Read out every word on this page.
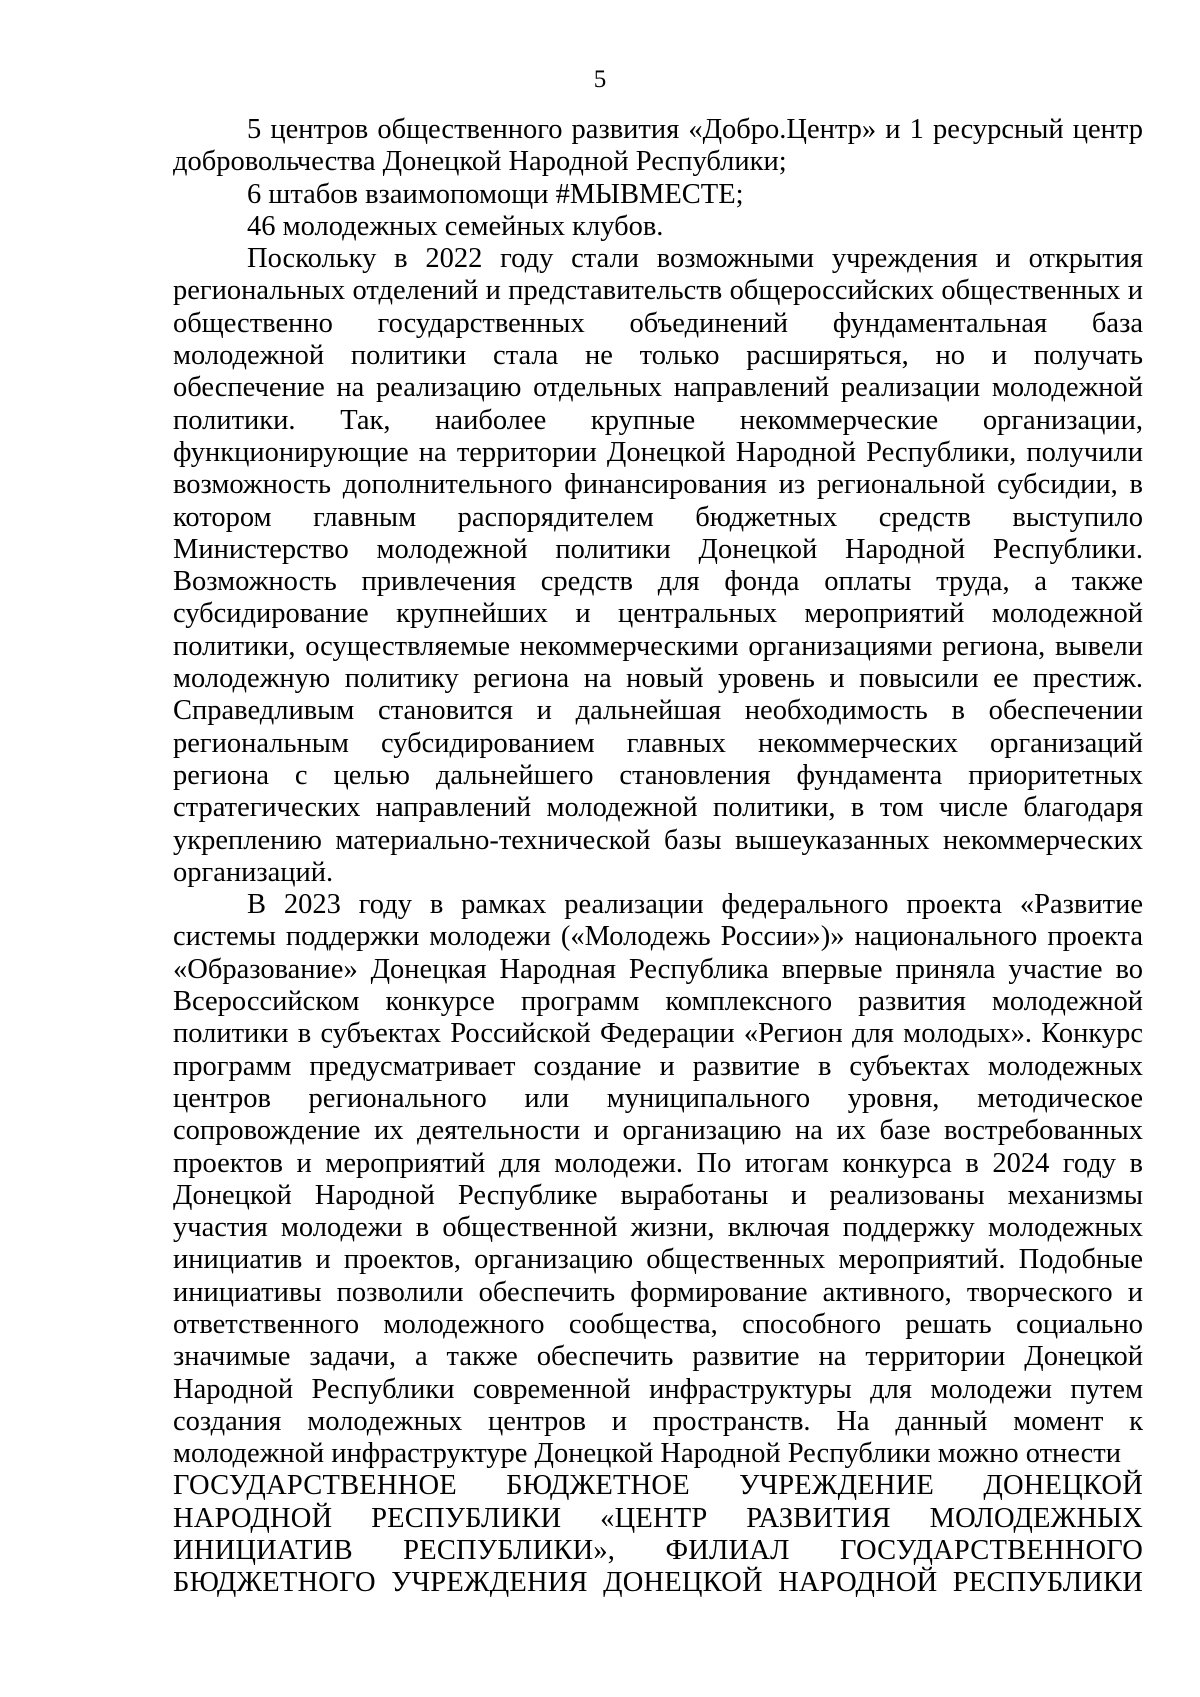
5

5 центров общественного развития «Добро.Центр» и 1 ресурсный центр добровольчества Донецкой Народной Республики;

6 штабов взаимопомощи #МЫВМЕСТЕ;

46 молодежных семейных клубов.

Поскольку в 2022 году стали возможными учреждения и открытия региональных отделений и представительств общероссийских общественных и общественно государственных объединений фундаментальная база молодежной политики стала не только расширяться, но и получать обеспечение на реализацию отдельных направлений реализации молодежной политики. Так, наиболее крупные некоммерческие организации, функционирующие на территории Донецкой Народной Республики, получили возможность дополнительного финансирования из региональной субсидии, в котором главным распорядителем бюджетных средств выступило Министерство молодежной политики Донецкой Народной Республики. Возможность привлечения средств для фонда оплаты труда, а также субсидирование крупнейших и центральных мероприятий молодежной политики, осуществляемые некоммерческими организациями региона, вывели молодежную политику региона на новый уровень и повысили ее престиж. Справедливым становится и дальнейшая необходимость в обеспечении региональным субсидированием главных некоммерческих организаций региона с целью дальнейшего становления фундамента приоритетных стратегических направлений молодежной политики, в том числе благодаря укреплению материально-технической базы вышеуказанных некоммерческих организаций.

В 2023 году в рамках реализации федерального проекта «Развитие системы поддержки молодежи («Молодежь России»)» национального проекта «Образование» Донецкая Народная Республика впервые приняла участие во Всероссийском конкурсе программ комплексного развития молодежной политики в субъектах Российской Федерации «Регион для молодых». Конкурс программ предусматривает создание и развитие в субъектах молодежных центров регионального или муниципального уровня, методическое сопровождение их деятельности и организацию на их базе востребованных проектов и мероприятий для молодежи. По итогам конкурса в 2024 году в Донецкой Народной Республике выработаны и реализованы механизмы участия молодежи в общественной жизни, включая поддержку молодежных инициатив и проектов, организацию общественных мероприятий. Подобные инициативы позволили обеспечить формирование активного, творческого и ответственного молодежного сообщества, способного решать социально значимые задачи, а также обеспечить развитие на территории Донецкой Народной Республики современной инфраструктуры для молодежи путем создания молодежных центров и пространств. На данный момент к молодежной инфраструктуре Донецкой Народной Республики можно отнести

ГОСУДАРСТВЕННОЕ БЮДЖЕТНОЕ УЧРЕЖДЕНИЕ ДОНЕЦКОЙ НАРОДНОЙ РЕСПУБЛИКИ «ЦЕНТР РАЗВИТИЯ МОЛОДЕЖНЫХ ИНИЦИАТИВ РЕСПУБЛИКИ», ФИЛИАЛ ГОСУДАРСТВЕННОГО БЮДЖЕТНОГО УЧРЕЖДЕНИЯ ДОНЕЦКОЙ НАРОДНОЙ РЕСПУБЛИКИ
